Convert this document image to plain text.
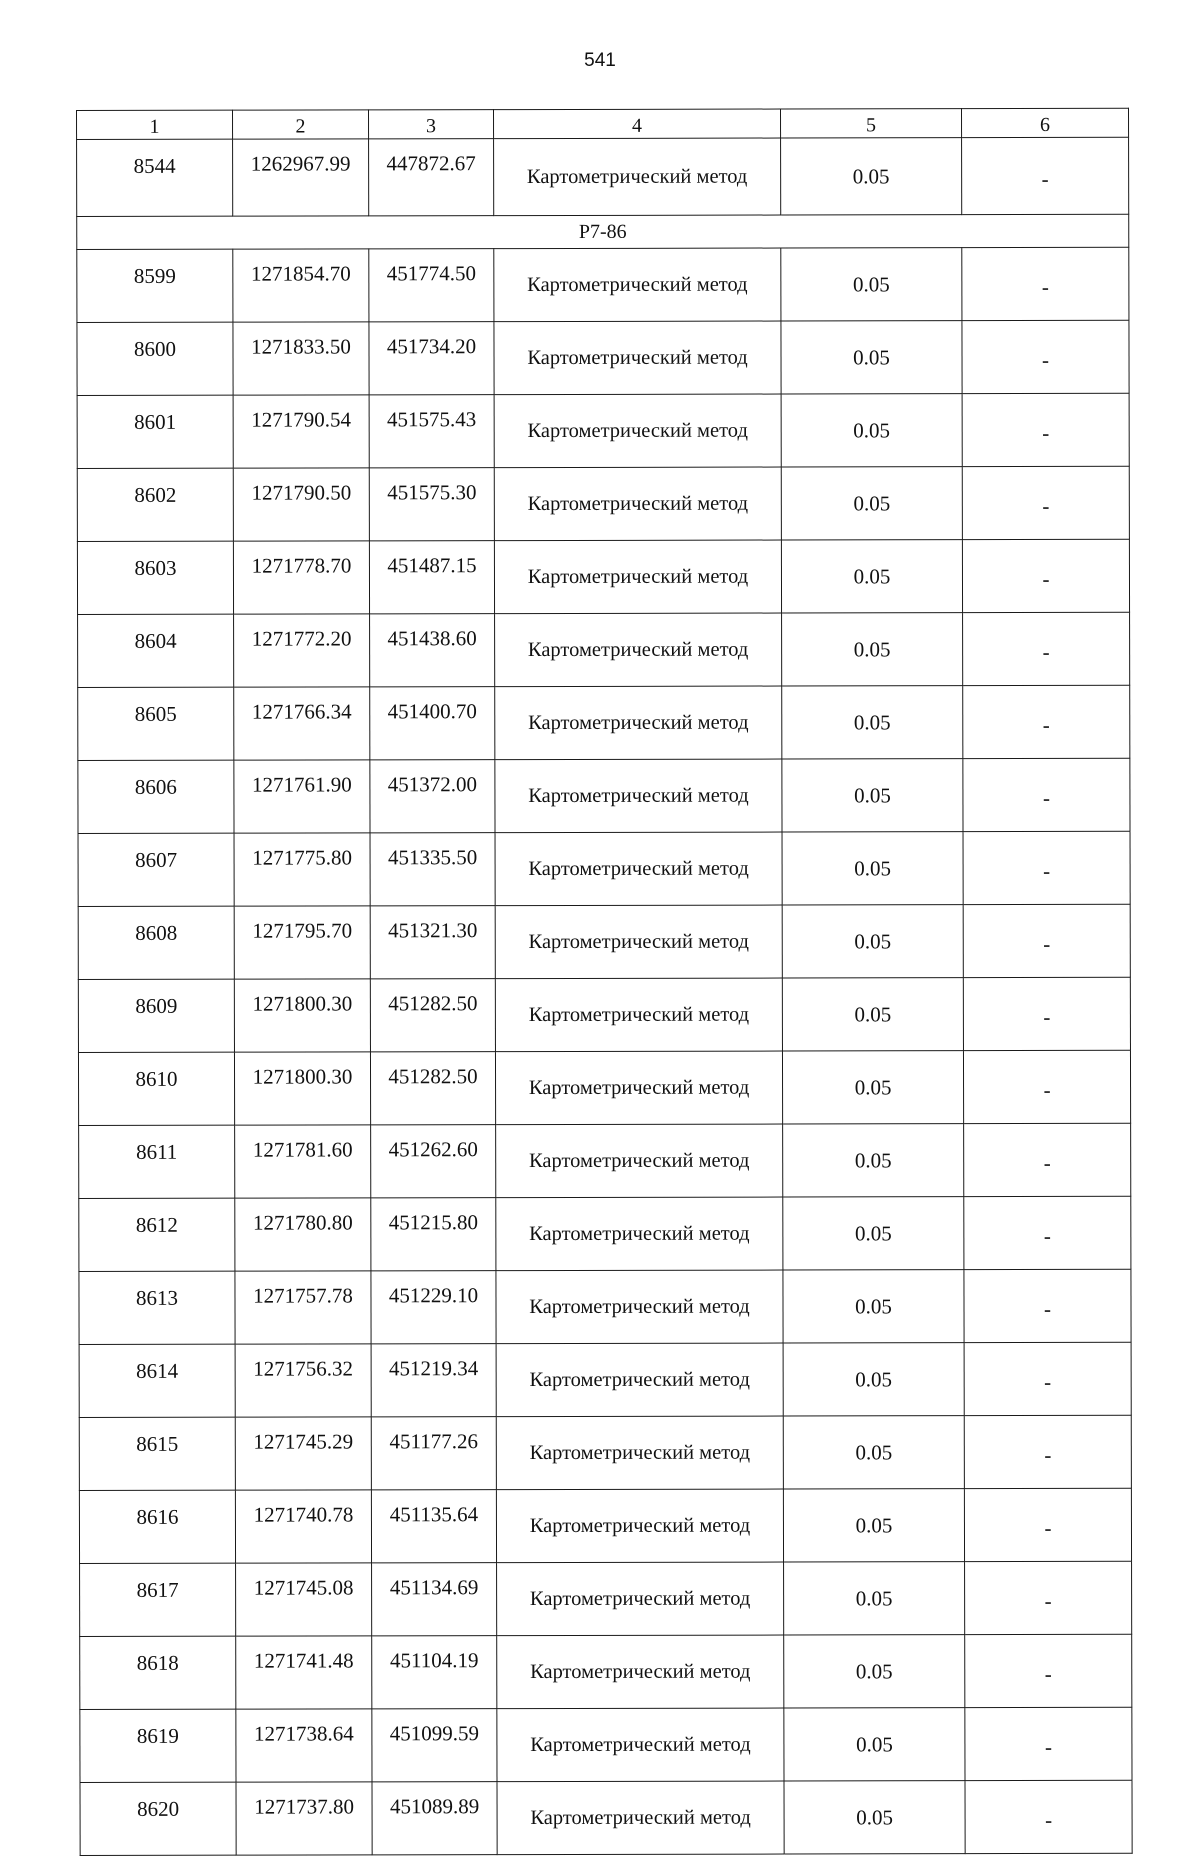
541
1	2	3	4	5	6
8544	1262967.99	447872.67	Картометрический метод	0.05	-
Р7-86					
8599	1271854.70	451774.50	Картометрический метод	0.05	-
8600	1271833.50	451734.20	Картометрический метод	0.05	-
8601	1271790.54	451575.43	Картометрический метод	0.05	-
8602	1271790.50	451575.30	Картометрический метод	0.05	-
8603	1271778.70	451487.15	Картометрический метод	0.05	-
8604	1271772.20	451438.60	Картометрический метод	0.05	-
8605	1271766.34	451400.70	Картометрический метод	0.05	-
8606	1271761.90	451372.00	Картометрический метод	0.05	-
8607	1271775.80	451335.50	Картометрический метод	0.05	-
8608	1271795.70	451321.30	Картометрический метод	0.05	-
8609	1271800.30	451282.50	Картометрический метод	0.05	-
8610	1271800.30	451282.50	Картометрический метод	0.05	-
8611	1271781.60	451262.60	Картометрический метод	0.05	-
8612	1271780.80	451215.80	Картометрический метод	0.05	-
8613	1271757.78	451229.10	Картометрический метод	0.05	-
8614	1271756.32	451219.34	Картометрический метод	0.05	-
8615	1271745.29	451177.26	Картометрический метод	0.05	-
8616	1271740.78	451135.64	Картометрический метод	0.05	-
8617	1271745.08	451134.69	Картометрический метод	0.05	-
8618	1271741.48	451104.19	Картометрический метод	0.05	-
8619	1271738.64	451099.59	Картометрический метод	0.05	-
8620	1271737.80	451089.89	Картометрический метод	0.05	-
